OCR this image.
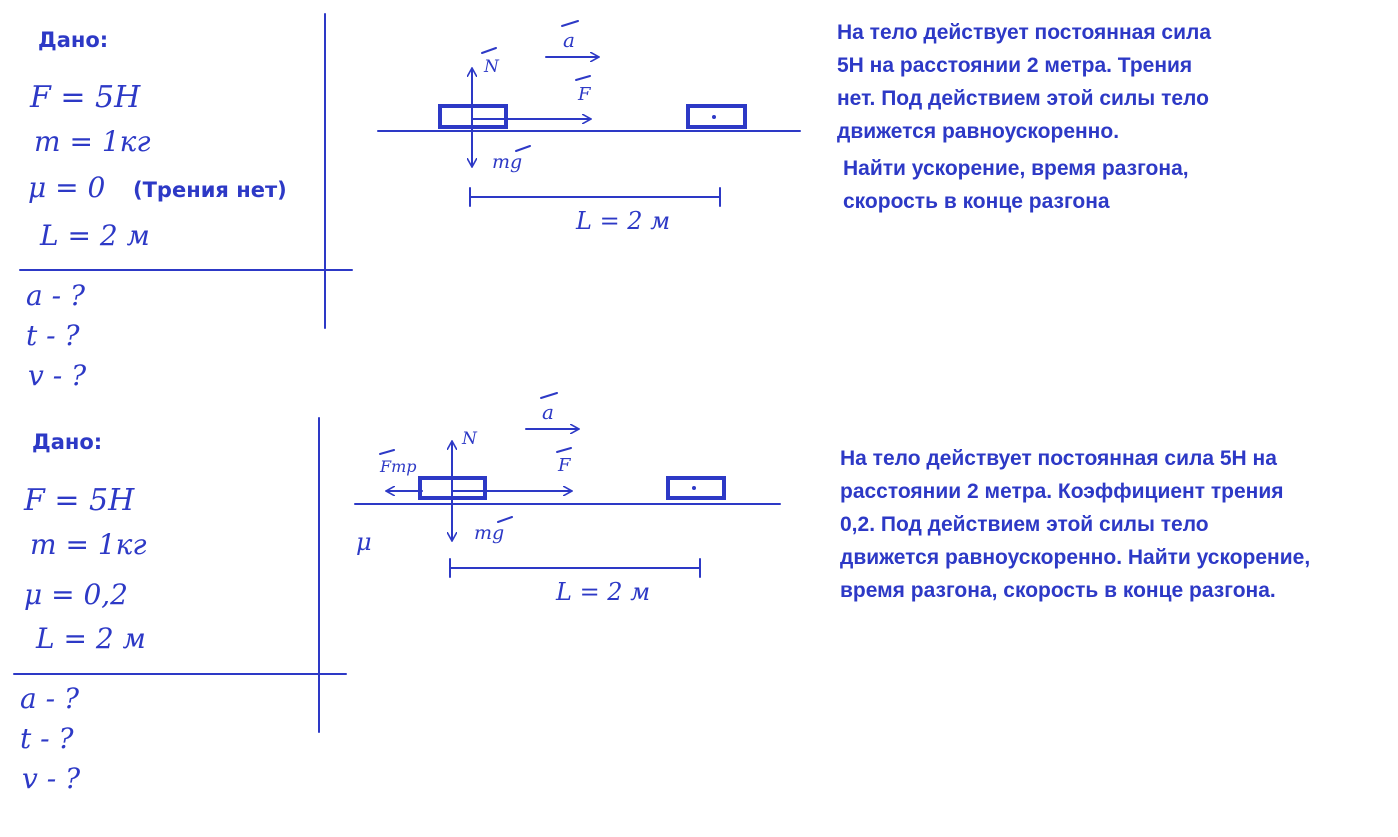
Дано:
F = 5H
m = 1кг
μ = 0 (Трения нет)
L = 2 м
a - ?
t - ?
v - ?
N
F
mg
a
L = 2 м
Дано:
F = 5H
m = 1кг
μ = 0,2
L = 2 м
a - ?
t - ?
v - ?
μ
N
F
Fтр
mg
a
L = 2 м
На тело действует постоянная сила
5Н на расстоянии 2 метра. Трения
нет. Под действием этой силы тело
движется равноускоренно.
Найти ускорение, время разгона,
скорость в конце разгона
На тело действует постоянная сила 5Н на
расстоянии 2 метра. Коэффициент трения
0,2. Под действием этой силы тело
движется равноускоренно. Найти ускорение,
время разгона, скорость в конце разгона.
